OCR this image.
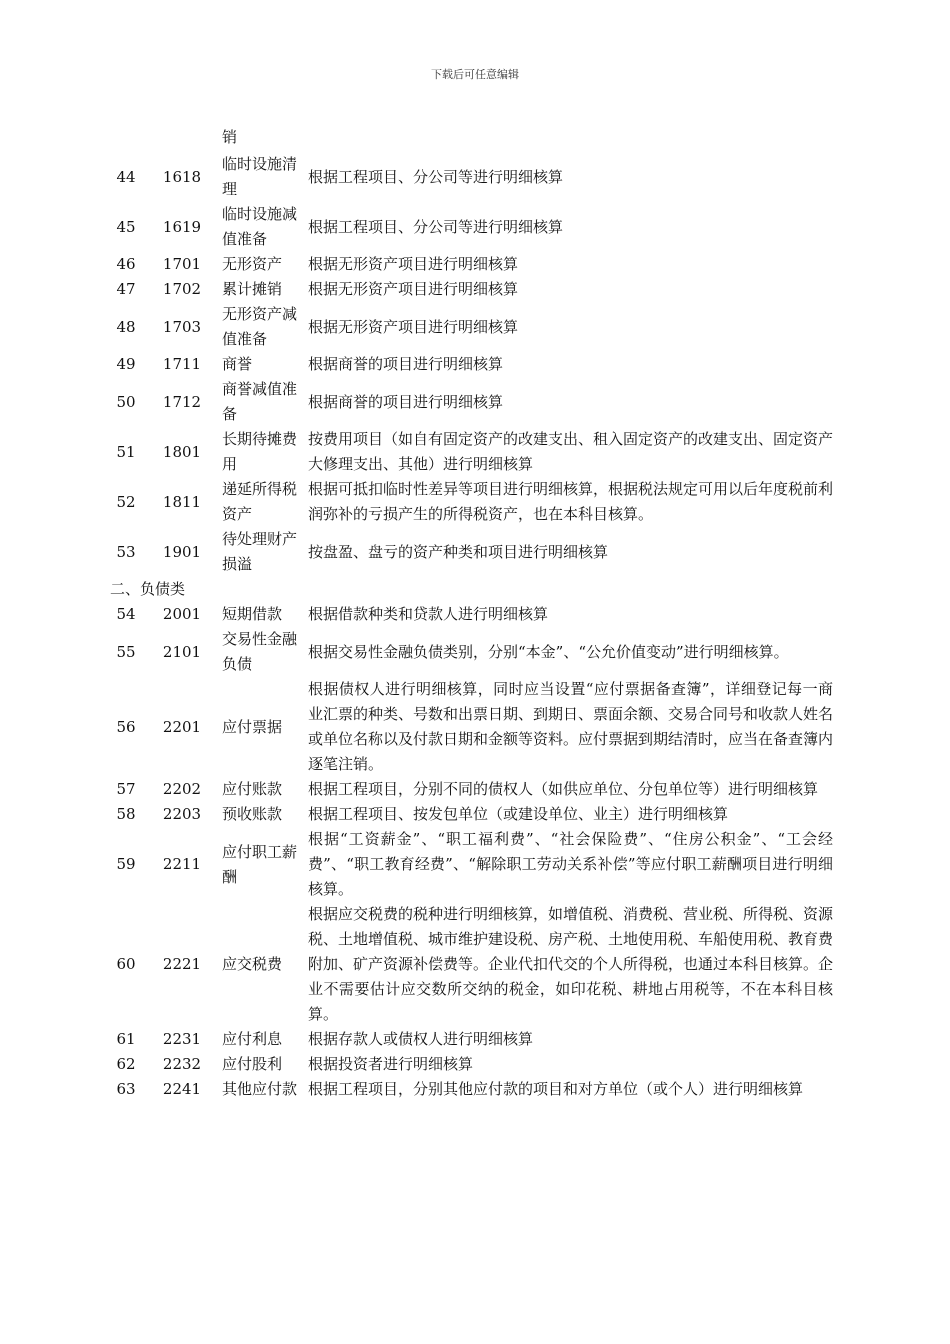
下载后可任意编辑
销
44	1618	临时设施清理	根据工程项目、分公司等进行明细核算
45	1619	临时设施减值准备	根据工程项目、分公司等进行明细核算
46	1701	无形资产	根据无形资产项目进行明细核算
47	1702	累计摊销	根据无形资产项目进行明细核算
48	1703	无形资产减值准备	根据无形资产项目进行明细核算
49	1711	商誉	根据商誉的项目进行明细核算
50	1712	商誉减值准备	根据商誉的项目进行明细核算
51	1801	长期待摊费用	按费用项目（如自有固定资产的改建支出、租入固定资产的改建支出、固定资产大修理支出、其他）进行明细核算
52	1811	递延所得税资产	根据可抵扣临时性差异等项目进行明细核算，根据税法规定可用以后年度税前利润弥补的亏损产生的所得税资产，也在本科目核算。
53	1901	待处理财产损溢	按盘盈、盘亏的资产种类和项目进行明细核算
二、负债类			
54	2001	短期借款	根据借款种类和贷款人进行明细核算
55	2101	交易性金融负债	根据交易性金融负债类别，分别“本金”、“公允价值变动”进行明细核算。
56	2201	应付票据	根据债权人进行明细核算，同时应当设置“应付票据备查簿”，详细登记每一商业汇票的种类、号数和出票日期、到期日、票面余额、交易合同号和收款人姓名或单位名称以及付款日期和金额等资料。应付票据到期结清时，应当在备查簿内逐笔注销。
57	2202	应付账款	根据工程项目，分别不同的债权人（如供应单位、分包单位等）进行明细核算
58	2203	预收账款	根据工程项目、按发包单位（或建设单位、业主）进行明细核算
59	2211	应付职工薪酬	根据“工资薪金”、“职工福利费”、“社会保险费”、“住房公积金”、“工会经费”、“职工教育经费”、“解除职工劳动关系补偿”等应付职工薪酬项目进行明细核算。
60	2221	应交税费	根据应交税费的税种进行明细核算，如增值税、消费税、营业税、所得税、资源税、土地增值税、城市维护建设税、房产税、土地使用税、车船使用税、教育费附加、矿产资源补偿费等。企业代扣代交的个人所得税，也通过本科目核算。企业不需要估计应交数所交纳的税金，如印花税、耕地占用税等，不在本科目核算。
61	2231	应付利息	根据存款人或债权人进行明细核算
62	2232	应付股利	根据投资者进行明细核算
63	2241	其他应付款	根据工程项目，分别其他应付款的项目和对方单位（或个人）进行明细核算
